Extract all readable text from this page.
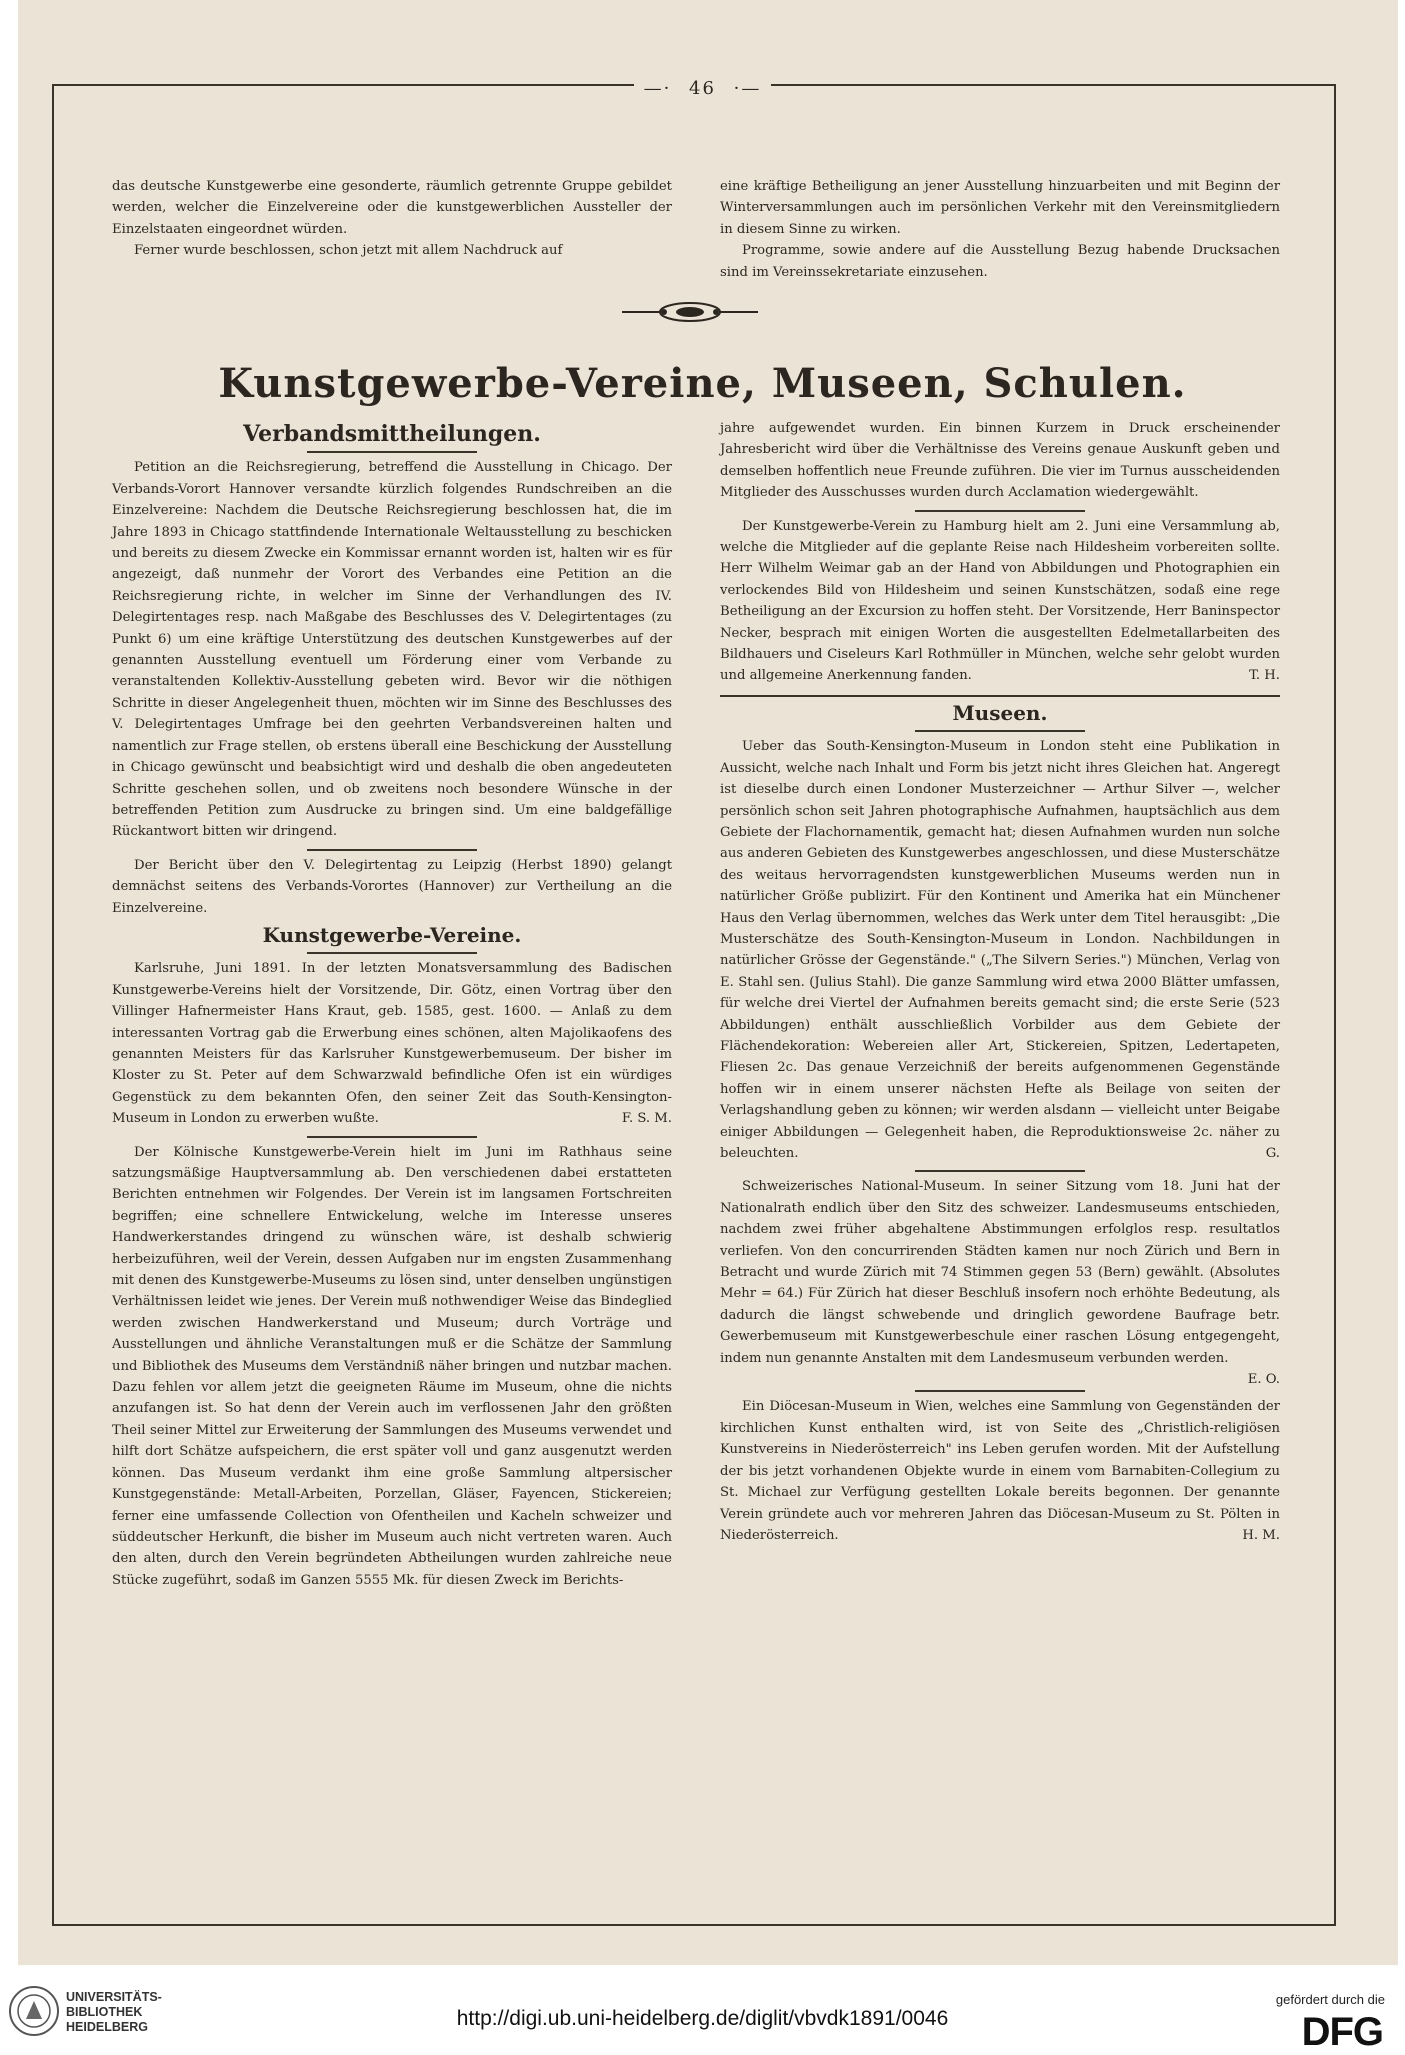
—· 46 ·—

das deutsche Kunstgewerbe eine gesonderte, räumlich getrennte Gruppe gebildet werden, welcher die Einzelvereine oder die kunstgewerblichen Aussteller der Einzelstaaten eingeordnet würden.

Ferner wurde beschlossen, schon jetzt mit allem Nachdruck auf

eine kräftige Betheiligung an jener Ausstellung hinzuarbeiten und mit Beginn der Winterversammlungen auch im persönlichen Verkehr mit den Vereinsmitgliedern in diesem Sinne zu wirken.

Programme, sowie andere auf die Ausstellung Bezug habende Drucksachen sind im Vereinssekretariate einzusehen.

Kunstgewerbe-Vereine, Museen, Schulen.
Verbandsmittheilungen.

Petition an die Reichsregierung, betreffend die Ausstellung in Chicago. Der Verbands-Vorort Hannover versandte kürzlich folgendes Rundschreiben an die Einzelvereine: Nachdem die Deutsche Reichsregierung beschlossen hat, die im Jahre 1893 in Chicago stattfindende Internationale Weltausstellung zu beschicken und bereits zu diesem Zwecke ein Kommissar ernannt worden ist, halten wir es für angezeigt, daß nunmehr der Vorort des Verbandes eine Petition an die Reichsregierung richte, in welcher im Sinne der Verhandlungen des IV. Delegirtentages resp. nach Maßgabe des Beschlusses des V. Delegirtentages (zu Punkt 6) um eine kräftige Unterstützung des deutschen Kunstgewerbes auf der genannten Ausstellung eventuell um Förderung einer vom Verbande zu veranstaltenden Kollektiv-Ausstellung gebeten wird. Bevor wir die nöthigen Schritte in dieser Angelegenheit thuen, möchten wir im Sinne des Beschlusses des V. Delegirtentages Umfrage bei den geehrten Verbandsvereinen halten und namentlich zur Frage stellen, ob erstens überall eine Beschickung der Ausstellung in Chicago gewünscht und beabsichtigt wird und deshalb die oben angedeuteten Schritte geschehen sollen, und ob zweitens noch besondere Wünsche in der betreffenden Petition zum Ausdrucke zu bringen sind. Um eine baldgefällige Rückantwort bitten wir dringend.

Der Bericht über den V. Delegirtentag zu Leipzig (Herbst 1890) gelangt demnächst seitens des Verbands-Vorortes (Hannover) zur Vertheilung an die Einzelvereine.

Kunstgewerbe-Vereine.

Karlsruhe, Juni 1891. In der letzten Monatsversammlung des Badischen Kunstgewerbe-Vereins hielt der Vorsitzende, Dir. Götz, einen Vortrag über den Villinger Hafnermeister Hans Kraut, geb. 1585, gest. 1600. — Anlaß zu dem interessanten Vortrag gab die Erwerbung eines schönen, alten Majolikaofens des genannten Meisters für das Karlsruher Kunstgewerbemuseum. Der bisher im Kloster zu St. Peter auf dem Schwarzwald befindliche Ofen ist ein würdiges Gegenstück zu dem bekannten Ofen, den seiner Zeit das South-Kensington-Museum in London zu erwerben wußte.	F. S. M.

Der Kölnische Kunstgewerbe-Verein hielt im Juni im Rathhaus seine satzungsmäßige Hauptversammlung ab. Den verschiedenen dabei erstatteten Berichten entnehmen wir Folgendes. Der Verein ist im langsamen Fortschreiten begriffen; eine schnellere Entwickelung, welche im Interesse unseres Handwerkerstandes dringend zu wünschen wäre, ist deshalb schwierig herbeizuführen, weil der Verein, dessen Aufgaben nur im engsten Zusammenhang mit denen des Kunstgewerbe-Museums zu lösen sind, unter denselben ungünstigen Verhältnissen leidet wie jenes. Der Verein muß nothwendiger Weise das Bindeglied werden zwischen Handwerkerstand und Museum; durch Vorträge und Ausstellungen und ähnliche Veranstaltungen muß er die Schätze der Sammlung und Bibliothek des Museums dem Verständniß näher bringen und nutzbar machen. Dazu fehlen vor allem jetzt die geeigneten Räume im Museum, ohne die nichts anzufangen ist. So hat denn der Verein auch im verflossenen Jahr den größten Theil seiner Mittel zur Erweiterung der Sammlungen des Museums verwendet und hilft dort Schätze aufspeichern, die erst später voll und ganz ausgenutzt werden können. Das Museum verdankt ihm eine große Sammlung altpersischer Kunstgegenstände: Metall-Arbeiten, Porzellan, Gläser, Fayencen, Stickereien; ferner eine umfassende Collection von Ofentheilen und Kacheln schweizer und süddeutscher Herkunft, die bisher im Museum auch nicht vertreten waren. Auch den alten, durch den Verein begründeten Abtheilungen wurden zahlreiche neue Stücke zugeführt, sodaß im Ganzen 5555 Mk. für diesen Zweck im Berichts-

jahre aufgewendet wurden. Ein binnen Kurzem in Druck erscheinender Jahresbericht wird über die Verhältnisse des Vereins genaue Auskunft geben und demselben hoffentlich neue Freunde zuführen. Die vier im Turnus ausscheidenden Mitglieder des Ausschusses wurden durch Acclamation wiedergewählt.

Der Kunstgewerbe-Verein zu Hamburg hielt am 2. Juni eine Versammlung ab, welche die Mitglieder auf die geplante Reise nach Hildesheim vorbereiten sollte. Herr Wilhelm Weimar gab an der Hand von Abbildungen und Photographien ein verlockendes Bild von Hildesheim und seinen Kunstschätzen, sodaß eine rege Betheiligung an der Excursion zu hoffen steht. Der Vorsitzende, Herr Baninspector Necker, besprach mit einigen Worten die ausgestellten Edelmetallarbeiten des Bildhauers und Ciseleurs Karl Rothmüller in München, welche sehr gelobt wurden und allgemeine Anerkennung fanden.	T. H.

Museen.

Ueber das South-Kensington-Museum in London steht eine Publikation in Aussicht, welche nach Inhalt und Form bis jetzt nicht ihres Gleichen hat. Angeregt ist dieselbe durch einen Londoner Musterzeichner — Arthur Silver —, welcher persönlich schon seit Jahren photographische Aufnahmen, hauptsächlich aus dem Gebiete der Flachornamentik, gemacht hat; diesen Aufnahmen wurden nun solche aus anderen Gebieten des Kunstgewerbes angeschlossen, und diese Musterschätze des weitaus hervorragendsten kunstgewerblichen Museums werden nun in natürlicher Größe publizirt. Für den Kontinent und Amerika hat ein Münchener Haus den Verlag übernommen, welches das Werk unter dem Titel herausgibt: „Die Musterschätze des South-Kensington-Museum in London. Nachbildungen in natürlicher Grösse der Gegenstände." („The Silvern Series.") München, Verlag von E. Stahl sen. (Julius Stahl). Die ganze Sammlung wird etwa 2000 Blätter umfassen, für welche drei Viertel der Aufnahmen bereits gemacht sind; die erste Serie (523 Abbildungen) enthält ausschließlich Vorbilder aus dem Gebiete der Flächendekoration: Webereien aller Art, Stickereien, Spitzen, Ledertapeten, Fliesen 2c. Das genaue Verzeichniß der bereits aufgenommenen Gegenstände hoffen wir in einem unserer nächsten Hefte als Beilage von seiten der Verlagshandlung geben zu können; wir werden alsdann — vielleicht unter Beigabe einiger Abbildungen — Gelegenheit haben, die Reproduktionsweise 2c. näher zu beleuchten.	G.

Schweizerisches National-Museum. In seiner Sitzung vom 18. Juni hat der Nationalrath endlich über den Sitz des schweizer. Landesmuseums entschieden, nachdem zwei früher abgehaltene Abstimmungen erfolglos resp. resultatlos verliefen. Von den concurrirenden Städten kamen nur noch Zürich und Bern in Betracht und wurde Zürich mit 74 Stimmen gegen 53 (Bern) gewählt. (Absolutes Mehr = 64.) Für Zürich hat dieser Beschluß insofern noch erhöhte Bedeutung, als dadurch die längst schwebende und dringlich gewordene Baufrage betr. Gewerbemuseum mit Kunstgewerbeschule einer raschen Lösung entgegengeht, indem nun genannte Anstalten mit dem Landesmuseum verbunden werden.
E. O.

Ein Diöcesan-Museum in Wien, welches eine Sammlung von Gegenständen der kirchlichen Kunst enthalten wird, ist von Seite des „Christlich-religiösen Kunstvereins in Niederösterreich" ins Leben gerufen worden. Mit der Aufstellung der bis jetzt vorhandenen Objekte wurde in einem vom Barnabiten-Collegium zu St. Michael zur Verfügung gestellten Lokale bereits begonnen. Der genannte Verein gründete auch vor mehreren Jahren das Diöcesan-Museum zu St. Pölten in Niederösterreich.	H. M.

UNIVERSITÄTS-
BIBLIOTHEK
HEIDELBERG	http://digi.ub.uni-heidelberg.de/diglit/vbvdk1891/0046
gefördert durch die
DFG
